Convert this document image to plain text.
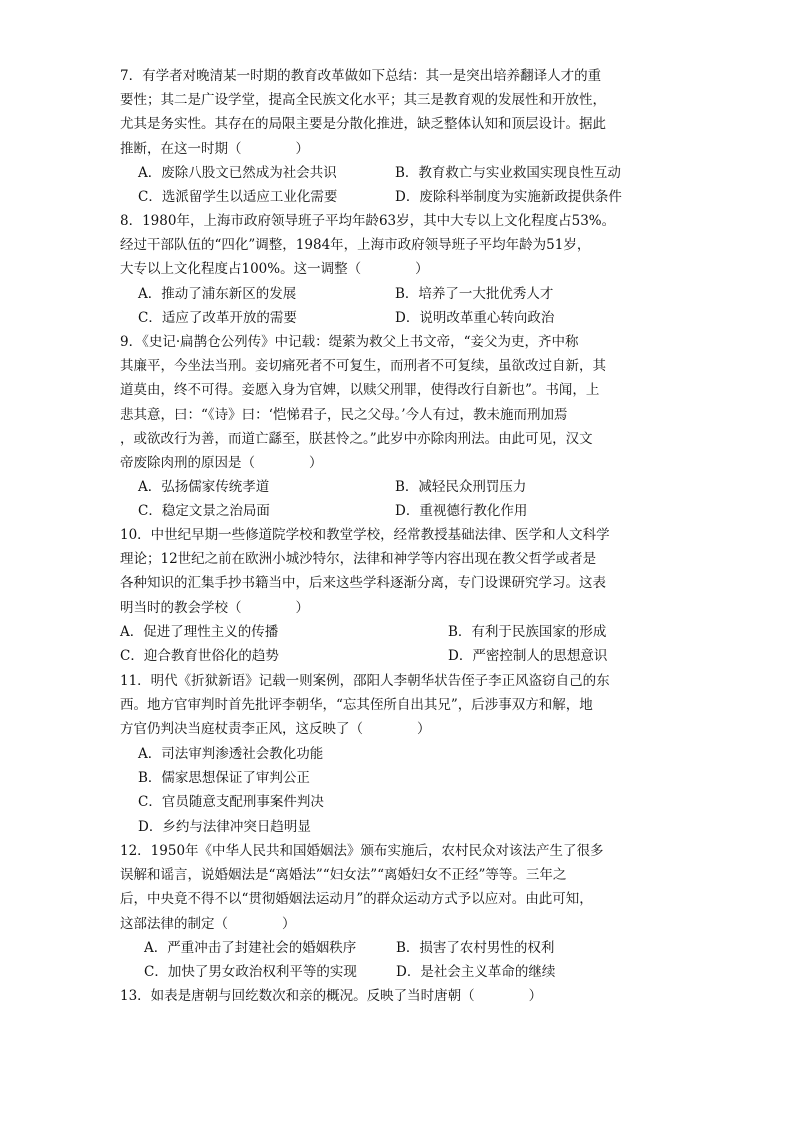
7．有学者对晚清某一时期的教育改革做如下总结：其一是突出培养翻译人才的重
要性；其二是广设学堂，提高全民族文化水平；其三是教育观的发展性和开放性，
尤其是务实性。其存在的局限主要是分散化推进，缺乏整体认知和顶层设计。据此
推断，在这一时期（　　　　）
A．废除八股文已然成为社会共识	B．教育救亡与实业救国实现良性互动
C．选派留学生以适应工业化需要	D．废除科举制度为实施新政提供条件
8．1980年，上海市政府领导班子平均年龄63岁，其中大专以上文化程度占53%。
经过干部队伍的“四化”调整，1984年，上海市政府领导班子平均年龄为51岁，
大专以上文化程度占100%。这一调整（　　　　）
A．推动了浦东新区的发展	B．培养了一大批优秀人才
C．适应了改革开放的需要	D．说明改革重心转向政治
9．《史记·扁鹊仓公列传》中记载：缇萦为救父上书文帝，“妾父为吏，齐中称
其廉平，今坐法当刑。妾切痛死者不可复生，而刑者不可复续，虽欲改过自新，其
道莫由，终不可得。妾愿入身为官婢，以赎父刑罪，使得改行自新也”。书闻，上
悲其意，曰：“《诗》曰：‘恺悌君子，民之父母。’今人有过，教未施而刑加焉
，或欲改行为善，而道亡繇至，朕甚怜之。”此岁中亦除肉刑法。由此可见，汉文
帝废除肉刑的原因是（　　　　）
A．弘扬儒家传统孝道	B．减轻民众刑罚压力
C．稳定文景之治局面	D．重视德行教化作用
10．中世纪早期一些修道院学校和教堂学校，经常教授基础法律、医学和人文科学
理论；12世纪之前在欧洲小城沙特尔，法律和神学等内容出现在教父哲学或者是
各种知识的汇集手抄书籍当中，后来这些学科逐渐分离，专门设课研究学习。这表
明当时的教会学校（　　　　）
A．促进了理性主义的传播	B．有利于民族国家的形成
C．迎合教育世俗化的趋势	D．严密控制人的思想意识
11．明代《折狱新语》记载一则案例，邵阳人李朝华状告侄子李正风盗窃自己的东
西。地方官审判时首先批评李朝华，“忘其侄所自出其兄”，后涉事双方和解，地
方官仍判决当庭杖责李正风，这反映了（　　　　）
A．司法审判渗透社会教化功能
B．儒家思想保证了审判公正
C．官员随意支配刑事案件判决
D．乡约与法律冲突日趋明显
12．1950年《中华人民共和国婚姻法》颁布实施后，农村民众对该法产生了很多
误解和谣言，说婚姻法是“离婚法”“妇女法”“离婚妇女不正经”等等。三年之
后，中央竟不得不以“贯彻婚姻法运动月”的群众运动方式予以应对。由此可知，
这部法律的制定（　　　　）
A．严重冲击了封建社会的婚姻秩序	B．损害了农村男性的权利
C．加快了男女政治权利平等的实现	D．是社会主义革命的继续
13．如表是唐朝与回纥数次和亲的概况。反映了当时唐朝（　　　　）
